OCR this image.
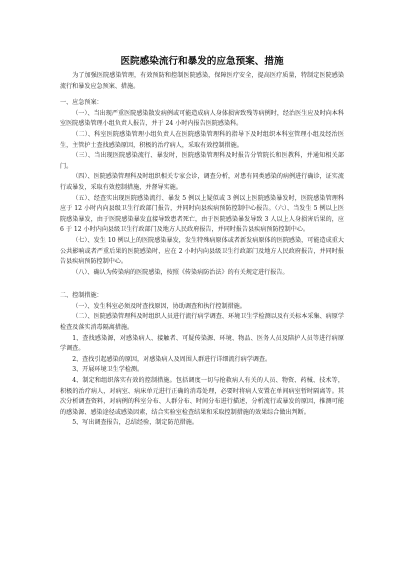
医院感染流行和暴发的应急预案、措施

为了加强医院感染管理，有效预防和控制医院感染，保障医疗安全，提高医疗质量，特制定医院感染流行和暴发应急预案、措施。

一、应急预案：

（一）、当出现严重医院感染散发病例或可能造成病人身体损害致残等病例时，经治医生应及时向本科室医院感染管理小组负责人报告，并于 24 小时内报告医院感染科。

（二）、科室医院感染管理小组负责人在医院感染管理科的指导下及时组织本科室管理小组及经治医生，主管护士查找感染原因，积极的治疗病人，采取有效控制措施。

（三）、当出现医院感染流行、暴发时，医院感染管理科及时报告分管院长和医教科，并通知相关部门。

（四）、医院感染管理科及时组织相关专家会诊，调查分析，对患有同类感染的病例进行确诊，证实流行或暴发，采取有效控制措施，并督导实施。

（五）、经查实出现医院感染流行、暴发 5 例以上疑似或 3 例以上医院感染暴发时，医院感染管理科应于 12 小时内向县级卫生行政部门报告，并同时向县疾病预防控制中心报告。（六）、当发生 5 例以上医院感染暴发，由于医院感染暴发直接导致患者死亡，由于医院感染暴发导致 3 人以上人身损害后果的，应 6 于 12 小时内向县级卫生行政部门及地方人民政府报告，并同时报告县疾病预防控制中心。

（七）、发生 10 例以上的医院感染暴发，发生特殊病原体或者新发病原体的医院感染，可能造成重大公共影响或者严重后果的医院感染时，应在 2 小时内向县级卫生行政部门及地方人民政府报告，并同时报告县疾病预防控制中心。

（八）、确认为传染病的医院感染，按照《传染病防治法》的有关规定进行报告。

二、控制措施：

（一）、发生科室必须及时查找原因，协助调查和执行控制措施。

（二）、医院感染管理科及时组织人员进行流行病学调查、环境卫生学检测以及有关标本采集、病原学检查及落实消毒隔离措施。

1、查找感染源，对感染病人、接触者、可疑传染源、环境、物品、医务人员及陪护人员等进行病原学调查。

2、查找引起感染的原因，对感染病人及周围人群进行详细流行病学调查。

3、开展环境卫生学检测。

4、制定和组织落实有效的控制措施。包括调度一切与抢救病人有关的人员、物资、药械、技术等，积极的治疗病人，对病室、病床单元进行正确的消毒处理，必要时将病人安置在单间病室暂时隔离等。其次分析调查资料，对病例的科室分布、人群分布、时间分布进行描述，分析流行或暴发的原因，推测可能的感染源、感染途径或感染因素，结合实验室检查结果和采取控制措施的效果综合做出判断。

5、写出调查报告，总结经验，制定防范措施。
